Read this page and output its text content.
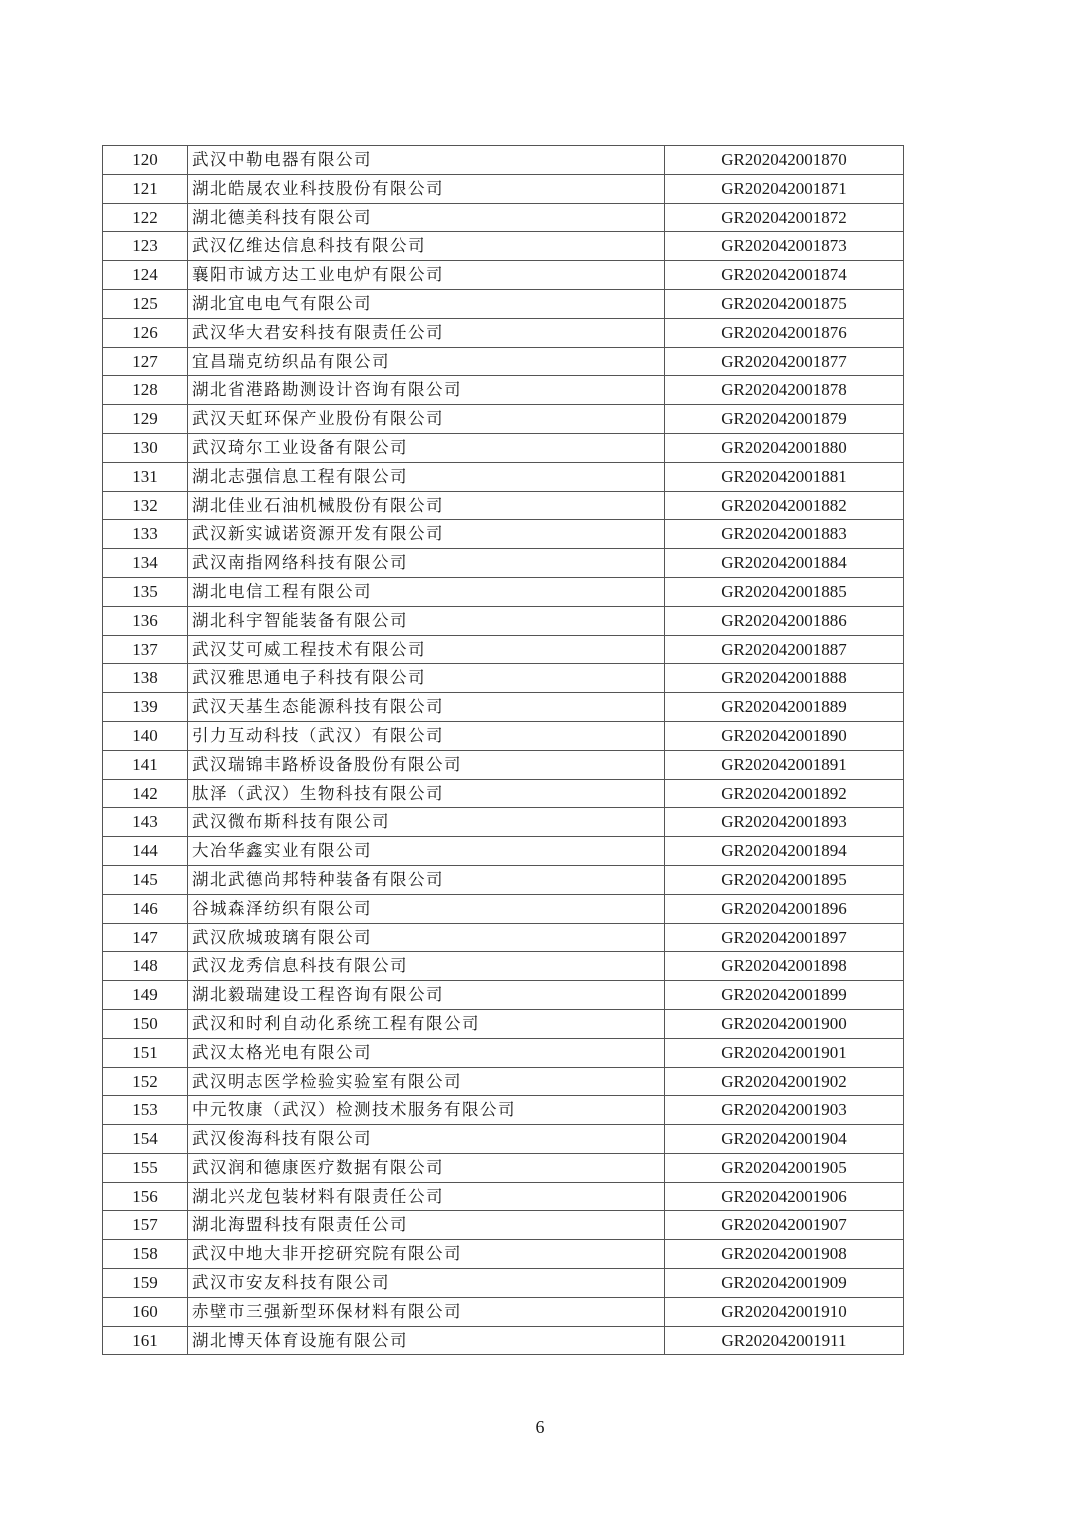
120	武汉中勒电器有限公司	GR202042001870
121	湖北皓晟农业科技股份有限公司	GR202042001871
122	湖北德美科技有限公司	GR202042001872
123	武汉亿维达信息科技有限公司	GR202042001873
124	襄阳市诚方达工业电炉有限公司	GR202042001874
125	湖北宜电电气有限公司	GR202042001875
126	武汉华大君安科技有限责任公司	GR202042001876
127	宜昌瑞克纺织品有限公司	GR202042001877
128	湖北省港路勘测设计咨询有限公司	GR202042001878
129	武汉天虹环保产业股份有限公司	GR202042001879
130	武汉琦尔工业设备有限公司	GR202042001880
131	湖北志强信息工程有限公司	GR202042001881
132	湖北佳业石油机械股份有限公司	GR202042001882
133	武汉新实诚诺资源开发有限公司	GR202042001883
134	武汉南指网络科技有限公司	GR202042001884
135	湖北电信工程有限公司	GR202042001885
136	湖北科宇智能装备有限公司	GR202042001886
137	武汉艾可威工程技术有限公司	GR202042001887
138	武汉雅思通电子科技有限公司	GR202042001888
139	武汉天基生态能源科技有限公司	GR202042001889
140	引力互动科技（武汉）有限公司	GR202042001890
141	武汉瑞锦丰路桥设备股份有限公司	GR202042001891
142	肽泽（武汉）生物科技有限公司	GR202042001892
143	武汉微布斯科技有限公司	GR202042001893
144	大冶华鑫实业有限公司	GR202042001894
145	湖北武德尚邦特种装备有限公司	GR202042001895
146	谷城森泽纺织有限公司	GR202042001896
147	武汉欣城玻璃有限公司	GR202042001897
148	武汉龙秀信息科技有限公司	GR202042001898
149	湖北毅瑞建设工程咨询有限公司	GR202042001899
150	武汉和时利自动化系统工程有限公司	GR202042001900
151	武汉太格光电有限公司	GR202042001901
152	武汉明志医学检验实验室有限公司	GR202042001902
153	中元牧康（武汉）检测技术服务有限公司	GR202042001903
154	武汉俊海科技有限公司	GR202042001904
155	武汉润和德康医疗数据有限公司	GR202042001905
156	湖北兴龙包装材料有限责任公司	GR202042001906
157	湖北海盟科技有限责任公司	GR202042001907
158	武汉中地大非开挖研究院有限公司	GR202042001908
159	武汉市安友科技有限公司	GR202042001909
160	赤壁市三强新型环保材料有限公司	GR202042001910
161	湖北博天体育设施有限公司	GR202042001911
6
